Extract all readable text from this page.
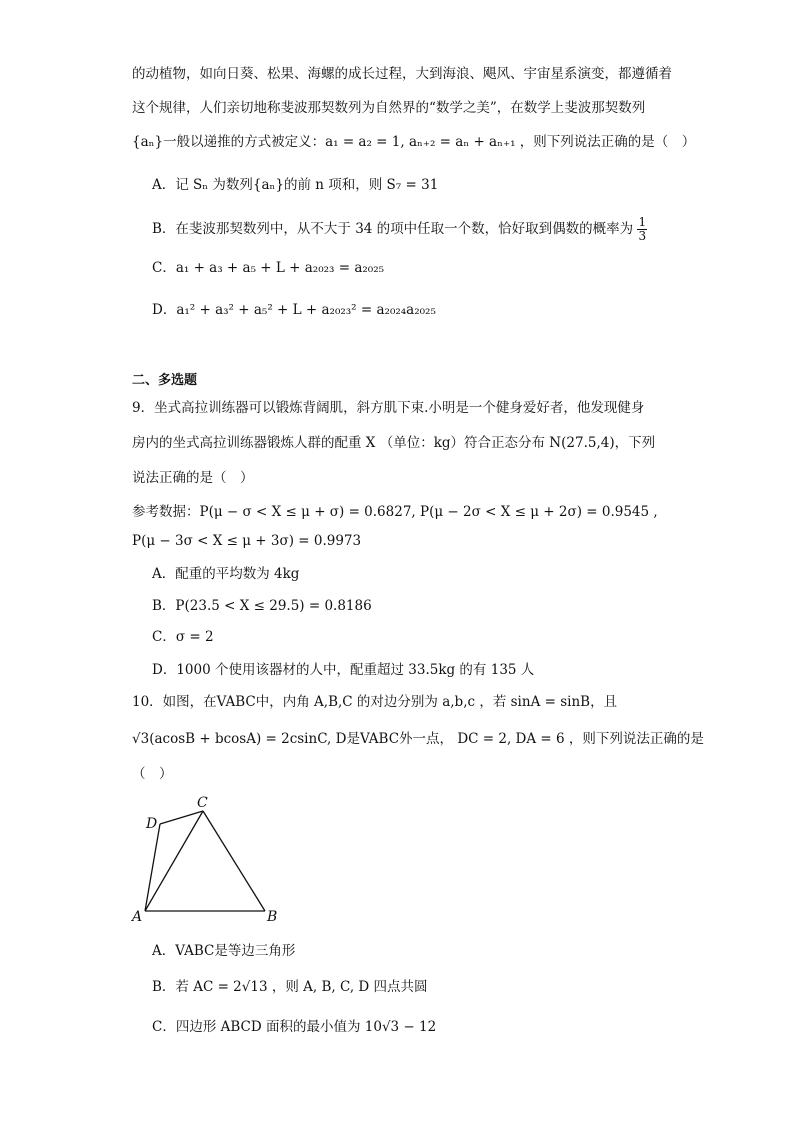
的动植物，如向日葵、松果、海螺的成长过程，大到海浪、飓风、宇宙星系演变，都遵循着
这个规律，人们亲切地称斐波那契数列为自然界的“数学之美”，在数学上斐波那契数列
{aₙ}一般以递推的方式被定义：a₁ = a₂ = 1, aₙ₊₂ = aₙ + aₙ₊₁ ，则下列说法正确的是（　）
A．记 Sₙ 为数列{aₙ}的前 n 项和，则 S₇ = 31
B．在斐波那契数列中，从不大于 34 的项中任取一个数，恰好取到偶数的概率为 $\frac{1}{3}$
C．a₁ + a₃ + a₅ + L + a₂₀₂₃ = a₂₀₂₅
D．a₁² + a₃² + a₅² + L + a₂₀₂₃² = a₂₀₂₄a₂₀₂₅
二、多选题
9．坐式高拉训练器可以锻炼背阔肌，斜方肌下束.小明是一个健身爱好者，他发现健身
房内的坐式高拉训练器锻炼人群的配重 X （单位：kg）符合正态分布 N(27.5,4)，下列
说法正确的是（　）
参考数据：P(μ − σ < X ≤ μ + σ) = 0.6827, P(μ − 2σ < X ≤ μ + 2σ) = 0.9545 ,
P(μ − 3σ < X ≤ μ + 3σ) = 0.9973
A．配重的平均数为 4kg
B．P(23.5 < X ≤ 29.5) = 0.8186
C．σ = 2
D．1000 个使用该器材的人中，配重超过 33.5kg 的有 135 人
10．如图，在VABC中，内角 A,B,C 的对边分别为 a,b,c ，若 sinA = sinB，且
√3(acosB + bcosA) = 2csinC, D是VABC外一点， DC = 2, DA = 6 ，则下列说法正确的是
（　）
A	B
C
D
A．VABC是等边三角形
B．若 AC = 2√13 ，则 A, B, C, D 四点共圆
C．四边形 ABCD 面积的最小值为 10√3 − 12
